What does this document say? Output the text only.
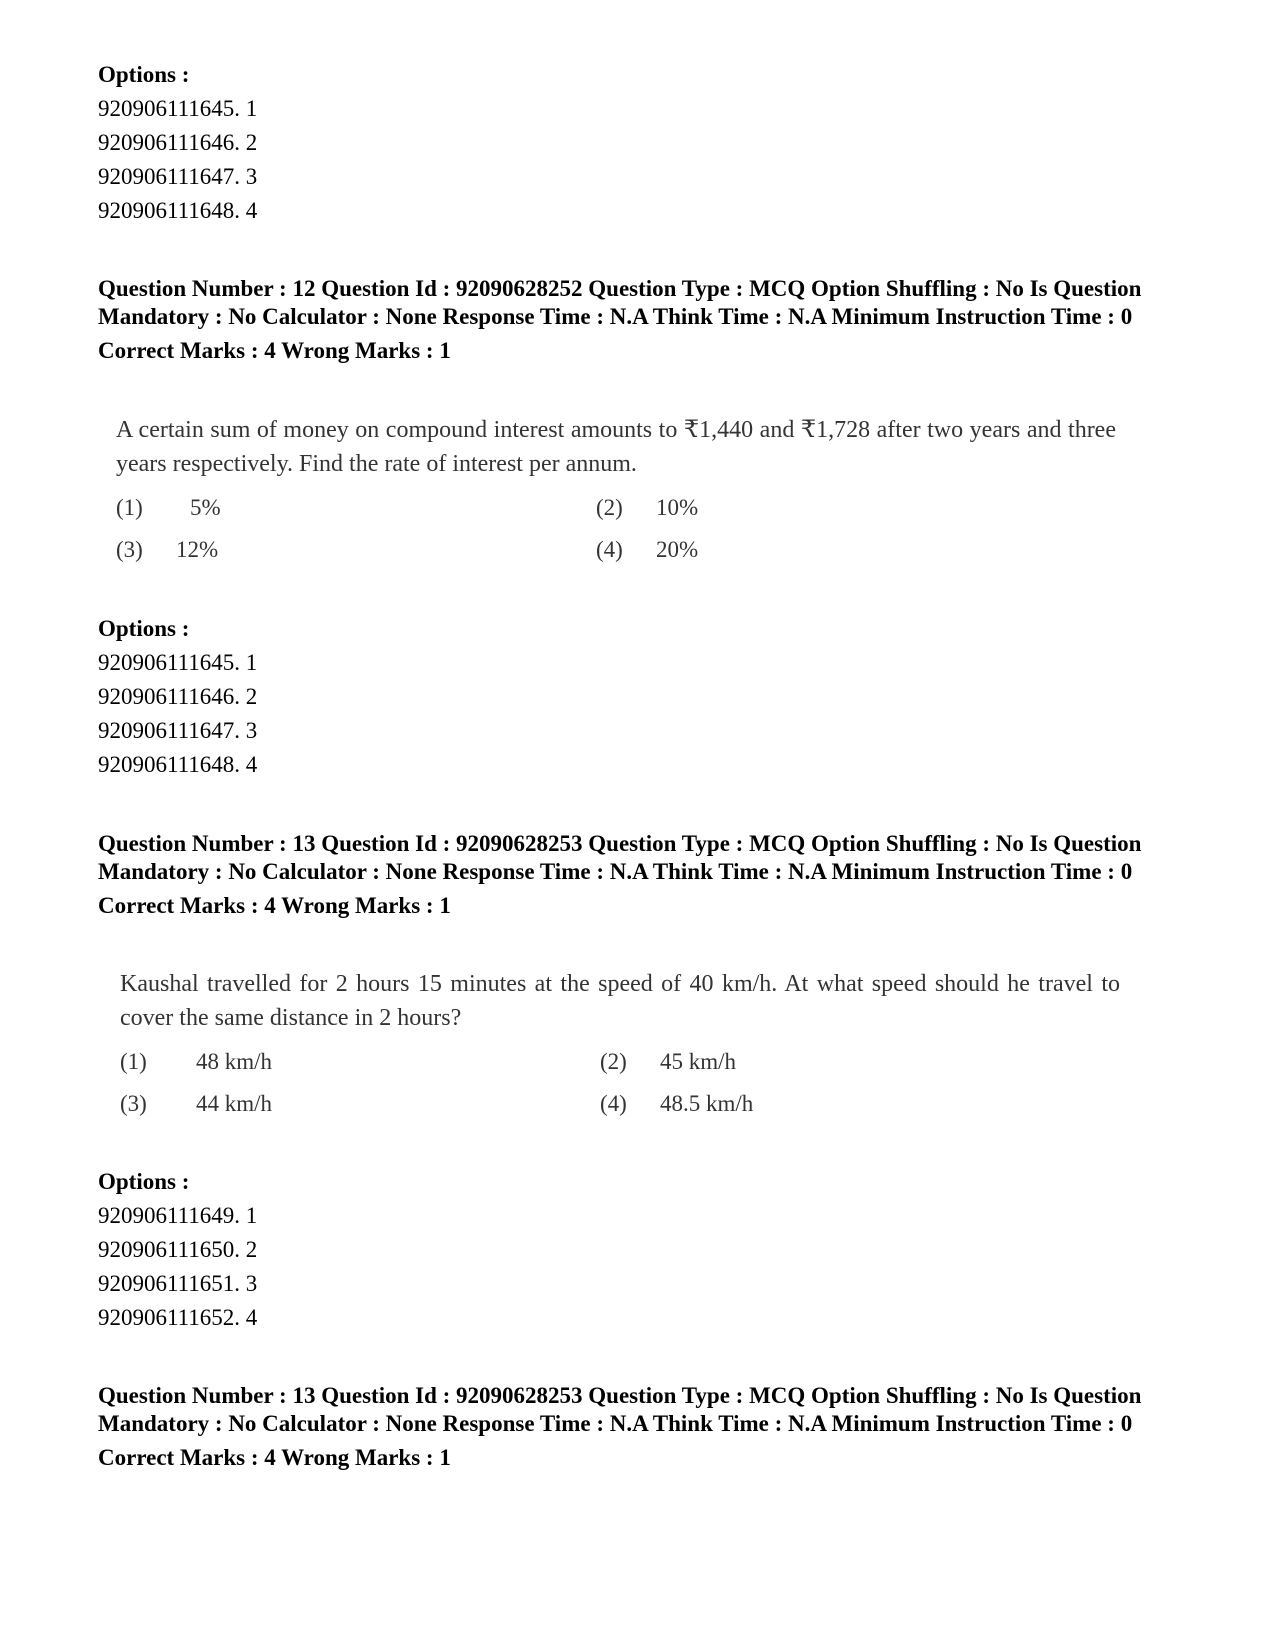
Options :
920906111645. 1
920906111646. 2
920906111647. 3
920906111648. 4
Question Number : 12 Question Id : 92090628252 Question Type : MCQ Option Shuffling : No Is Question Mandatory : No Calculator : None Response Time : N.A Think Time : N.A Minimum Instruction Time : 0
Correct Marks : 4 Wrong Marks : 1
A certain sum of money on compound interest amounts to ₹1,440 and ₹1,728 after two years and three years respectively. Find the rate of interest per annum.
(1) 5%	(2) 10%
(3) 12%	(4) 20%
Options :
920906111645. 1
920906111646. 2
920906111647. 3
920906111648. 4
Question Number : 13 Question Id : 92090628253 Question Type : MCQ Option Shuffling : No Is Question Mandatory : No Calculator : None Response Time : N.A Think Time : N.A Minimum Instruction Time : 0
Correct Marks : 4 Wrong Marks : 1
Kaushal travelled for 2 hours 15 minutes at the speed of 40 km/h. At what speed should he travel to cover the same distance in 2 hours?
(1) 48 km/h	(2) 45 km/h
(3) 44 km/h	(4) 48.5 km/h
Options :
920906111649. 1
920906111650. 2
920906111651. 3
920906111652. 4
Question Number : 13 Question Id : 92090628253 Question Type : MCQ Option Shuffling : No Is Question Mandatory : No Calculator : None Response Time : N.A Think Time : N.A Minimum Instruction Time : 0
Correct Marks : 4 Wrong Marks : 1
